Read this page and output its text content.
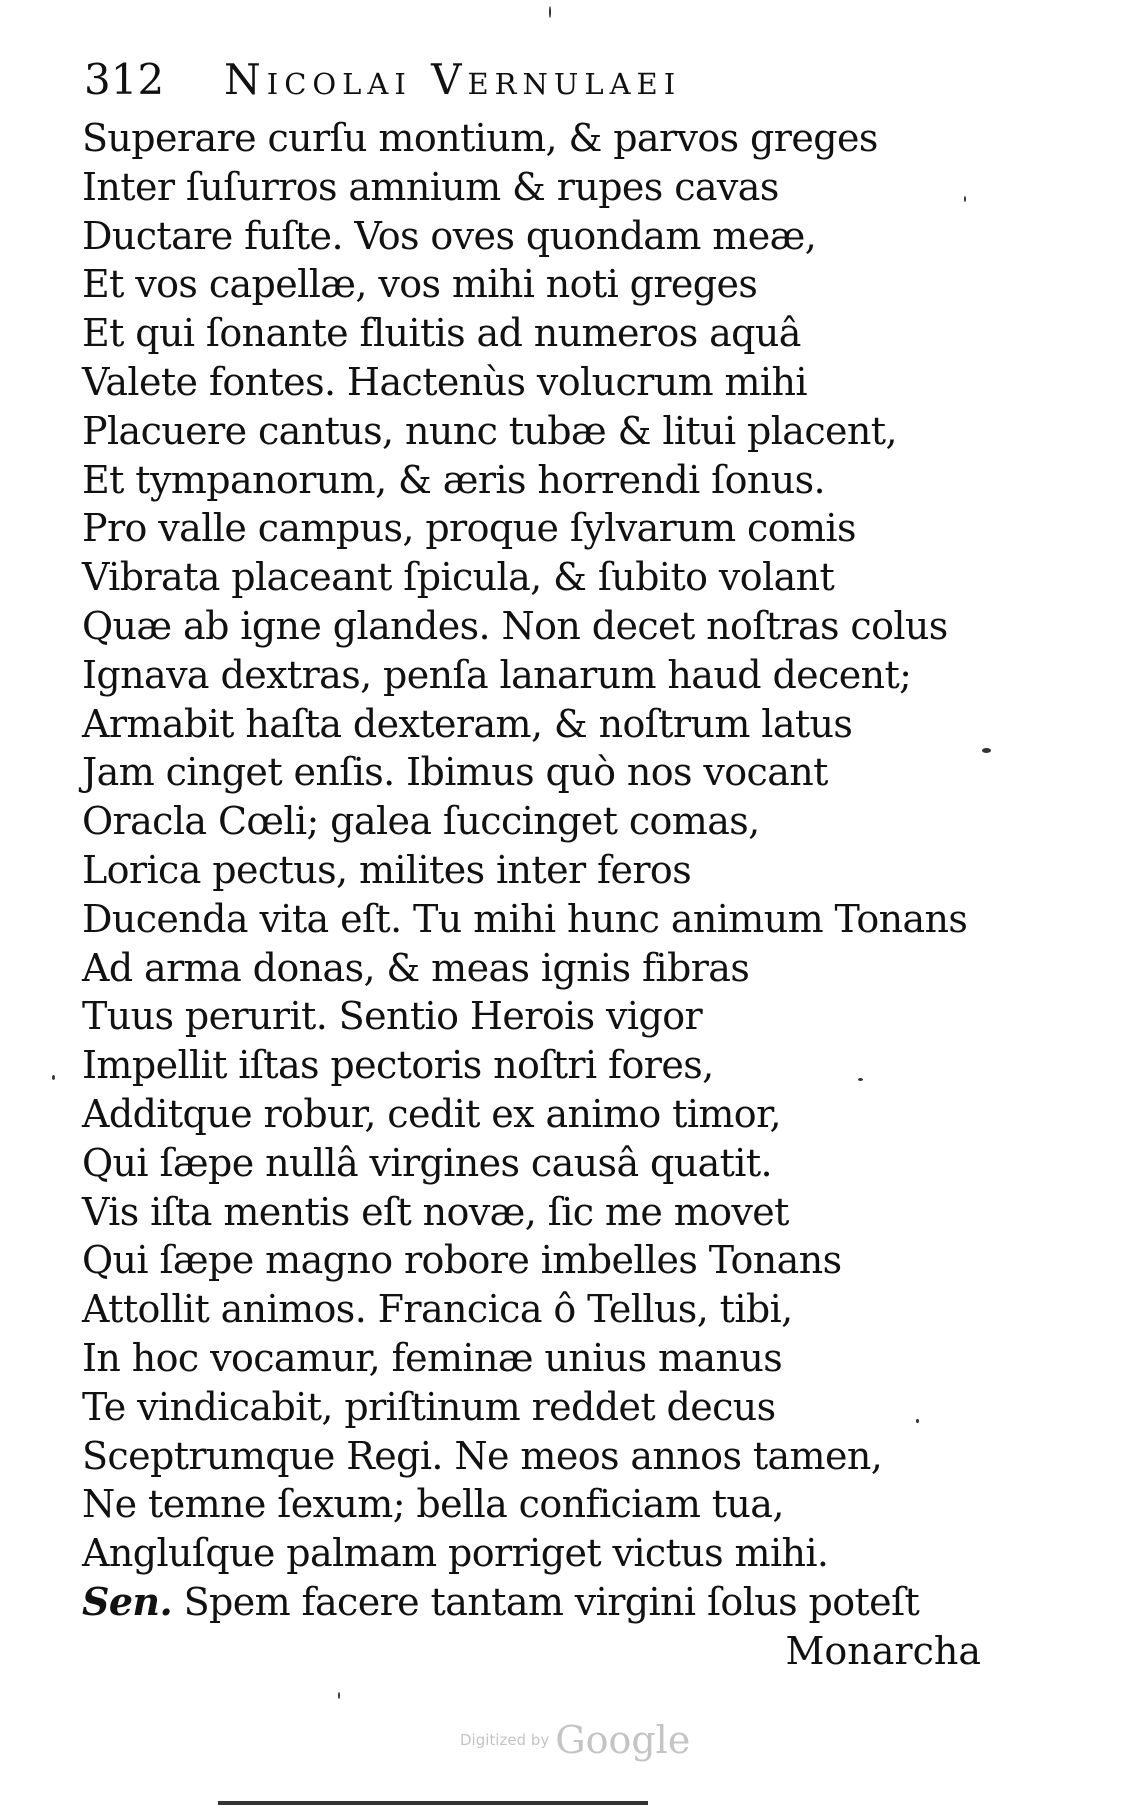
312 Nicolai Vernulaei
Superare curſu montium, & parvos greges
Inter ſuſurros amnium & rupes cavas
Ductare fuſte. Vos oves quondam meæ,
Et vos capellæ, vos mihi noti greges
Et qui ſonante fluitis ad numeros aquâ
Valete fontes. Hactenùs volucrum mihi
Placuere cantus, nunc tubæ & litui placent,
Et tympanorum, & æris horrendi ſonus.
Pro valle campus, proque ſylvarum comis
Vibrata placeant ſpicula, & ſubito volant
Quæ ab igne glandes. Non decet noſtras colus
Ignava dextras, penſa lanarum haud decent;
Armabit haſta dexteram, & noſtrum latus
Jam cinget enſis. Ibimus quò nos vocant
Oracla Cœli; galea ſuccinget comas,
Lorica pectus, milites inter feros
Ducenda vita eſt. Tu mihi hunc animum Tonans
Ad arma donas, & meas ignis fibras
Tuus perurit. Sentio Herois vigor
Impellit iſtas pectoris noſtri fores,
Additque robur, cedit ex animo timor,
Qui ſæpe nullâ virgines causâ quatit.
Vis iſta mentis eſt novæ, ſic me movet
Qui ſæpe magno robore imbelles Tonans
Attollit animos. Francica ô Tellus, tibi,
In hoc vocamur, feminæ unius manus
Te vindicabit, priſtinum reddet decus
Sceptrumque Regi. Ne meos annos tamen,
Ne temne ſexum; bella conficiam tua,
Angluſque palmam porriget victus mihi.
Sen. Spem facere tantam virgini ſolus poteſt
Monarcha
Digitized by Google
